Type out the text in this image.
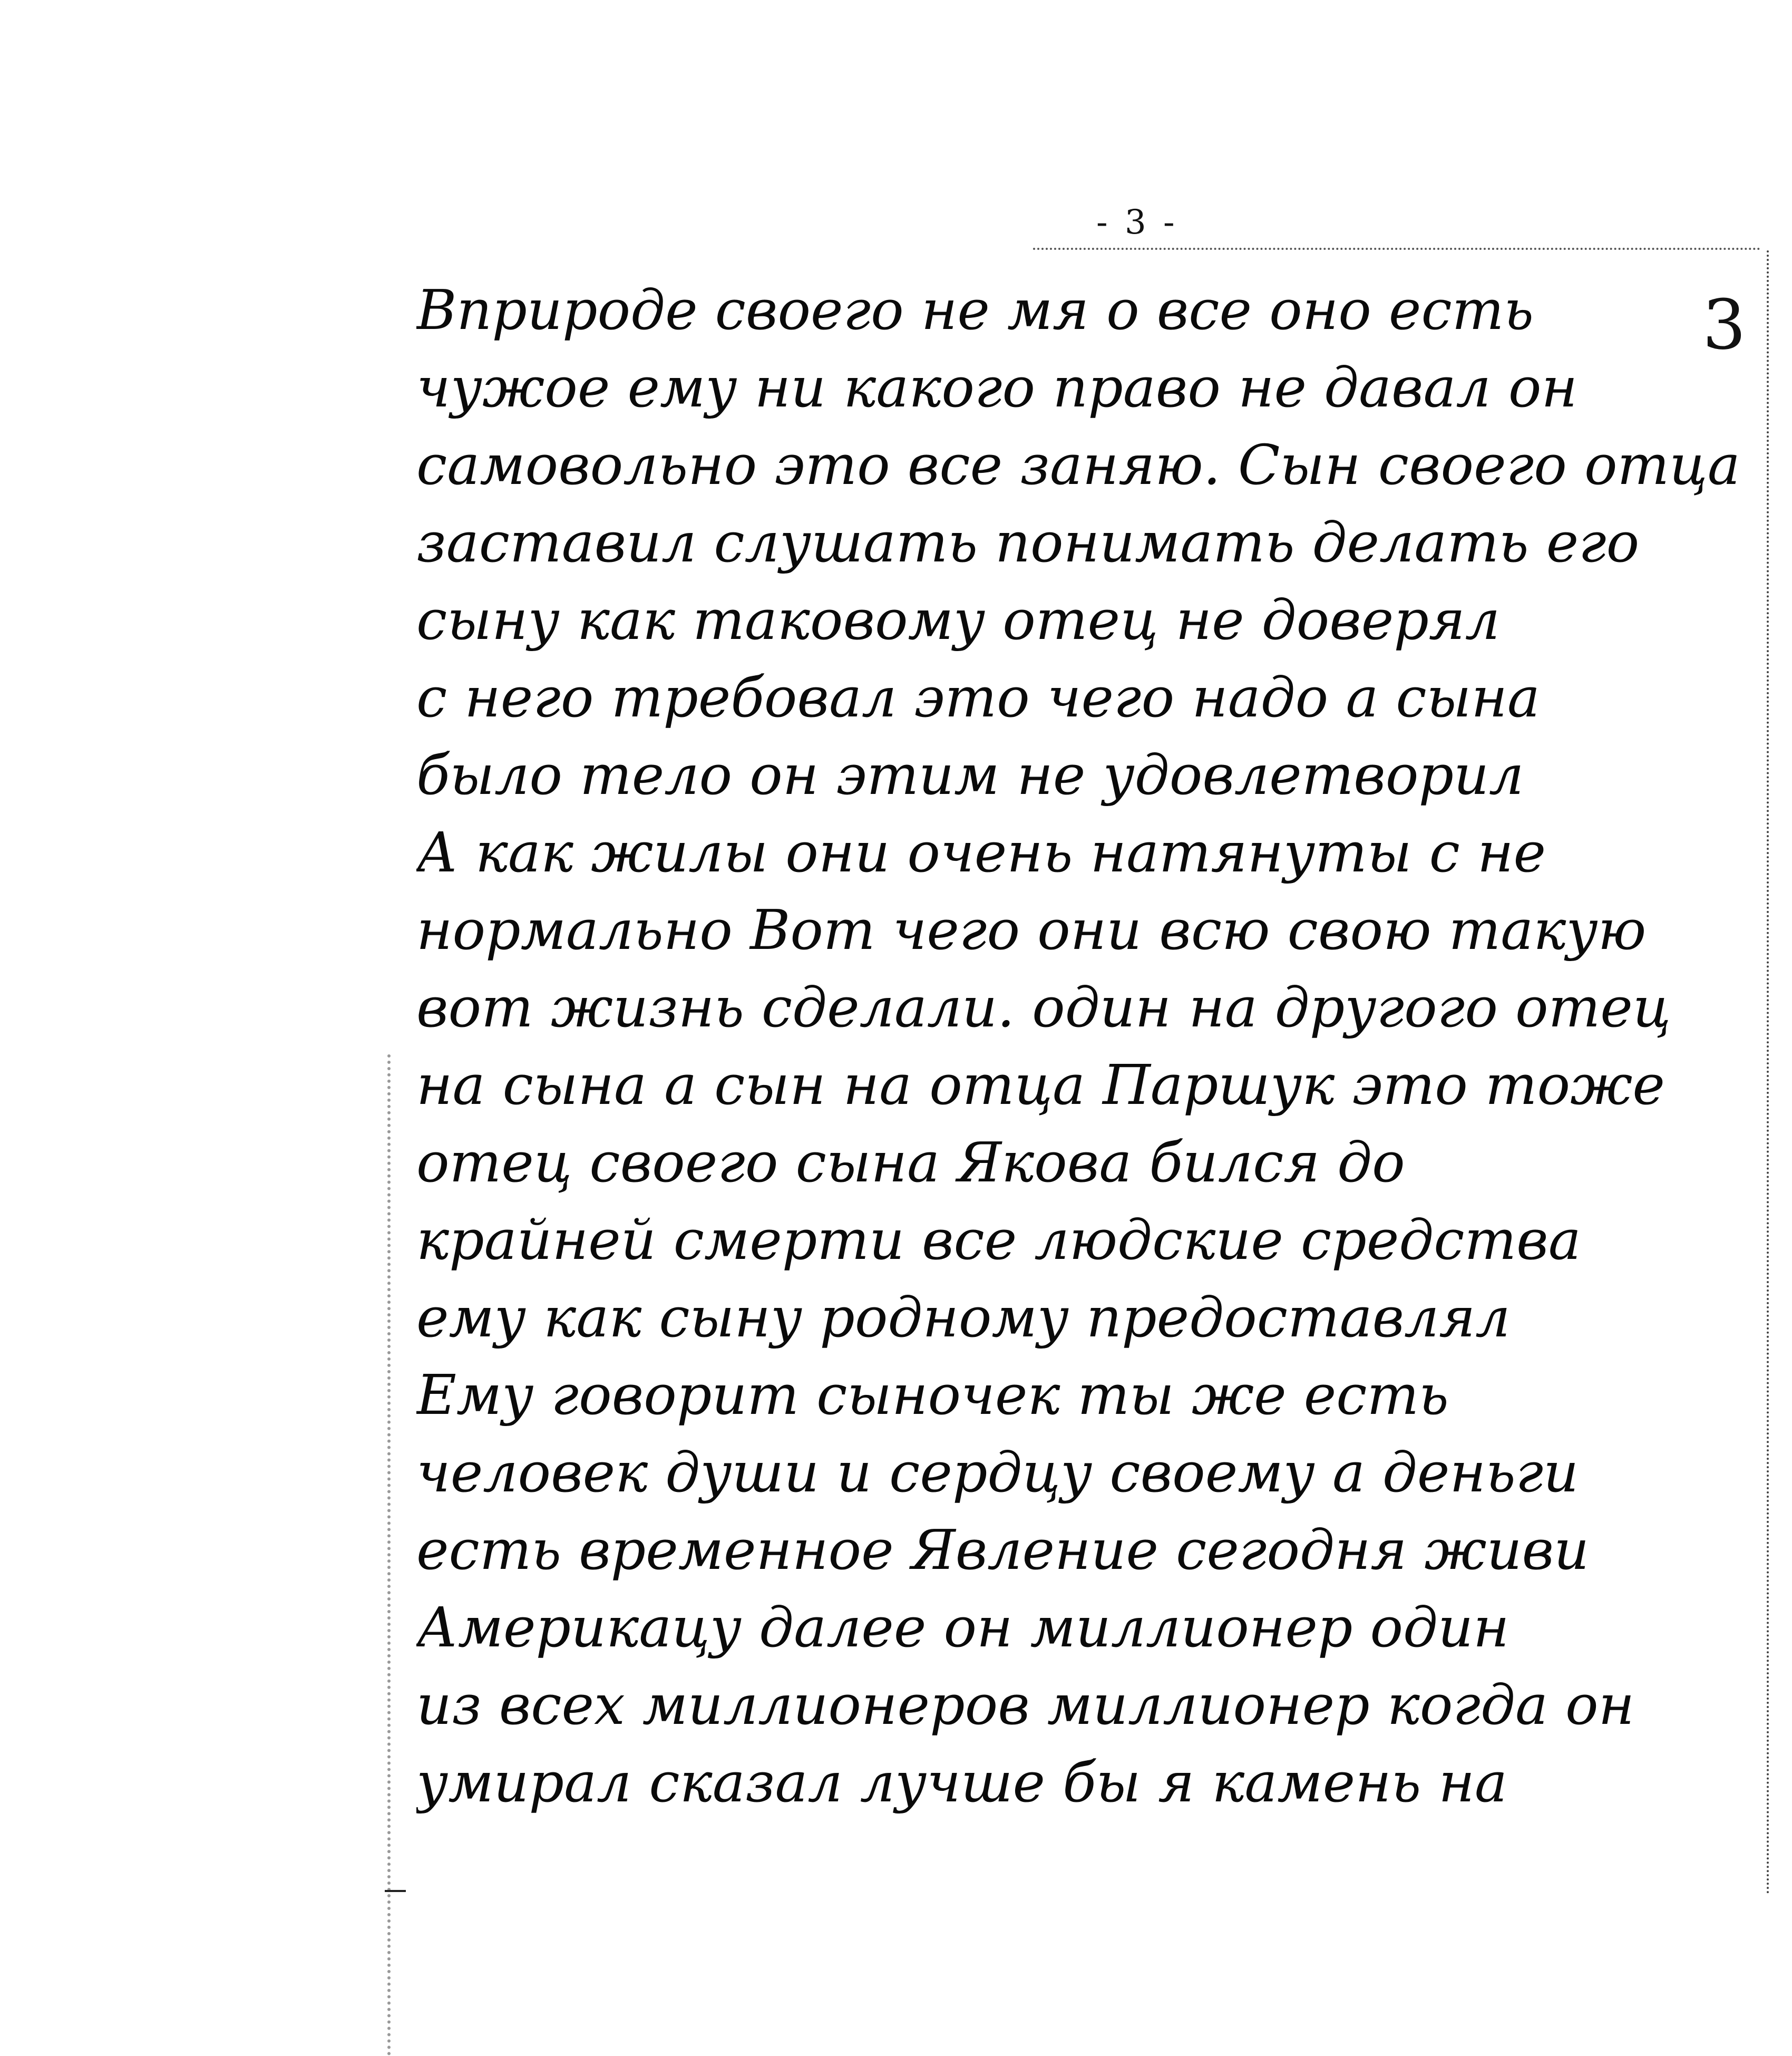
- 3 -
3
Вприроде своего не мя о все оно есть
чужое ему ни какого право не давал он
самовольно это все заняю. Сын своего отца
заставил слушать понимать делать его
сыну как таковому отец не доверял
с него требовал это чего надо а сына
было тело он этим не удовлетворил
А как жилы они очень натянуты с не
нормально Вот чего они всю свою такую
вот жизнь сделали. один на другого отец
на сына а сын на отца Паршук это тоже
отец своего сына Якова бился до
крайней смерти все людские средства
ему как сыну родному предоставлял
Ему говорит сыночек ты же есть
человек души и сердцу своему а деньги
есть временное Явление сегодня живи
Америкацу далее он миллионер один
из всех миллионеров миллионер когда он
умирал сказал лучше бы я камень на
